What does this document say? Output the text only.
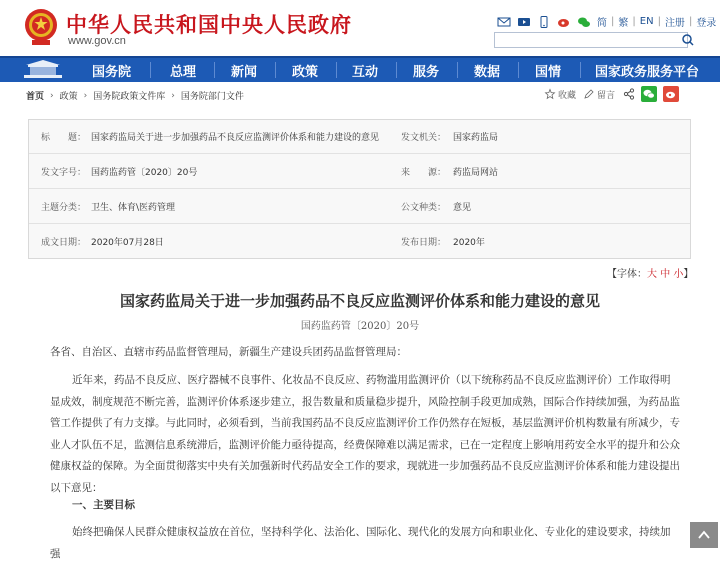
中华人民共和国中央人民政府
www.gov.cn
简 | 繁 | EN | 注册 | 登录
国务院	总理	新闻	政策	互动	服务	数据	国情	国家政务服务平台
首页 › 政策 › 国务院政策文件库 › 国务院部门文件	收藏 留言
标　　题： 国家药监局关于进一步加强药品不良反应监测评价体系和能力建设的意见 发文机关： 国家药监局
发文字号： 国药监药管〔2020〕20号	来　　源： 药监局网站
主题分类： 卫生、体育\医药管理	公文种类： 意见
成文日期： 2020年07月28日	发布日期： 2020年
【字体：大 中 小】
国家药监局关于进一步加强药品不良反应监测评价体系和能力建设的意见
国药监药管〔2020〕20号
各省、自治区、直辖市药品监督管理局，新疆生产建设兵团药品监督管理局：
近年来，药品不良反应、医疗器械不良事件、化妆品不良反应、药物滥用监测评价（以下统称药品不良反应监测评价）工作取得明显成效，制度规范不断完善，监测评价体系逐步建立，报告数量和质量稳步提升，风险控制手段更加成熟，国际合作持续加强，为药品监管工作提供了有力支撑。与此同时，必须看到，当前我国药品不良反应监测评价工作仍然存在短板，基层监测评价机构数量有所减少，专业人才队伍不足，监测信息系统滞后，监测评价能力亟待提高，经费保障难以满足需求，已在一定程度上影响用药安全水平的提升和公众健康权益的保障。为全面贯彻落实中央有关加强新时代药品安全工作的要求，现就进一步加强药品不良反应监测评价体系和能力建设提出以下意见：
一、主要目标
始终把确保人民群众健康权益放在首位，坚持科学化、法治化、国际化、现代化的发展方向和职业化、专业化的建设要求，持续加强
